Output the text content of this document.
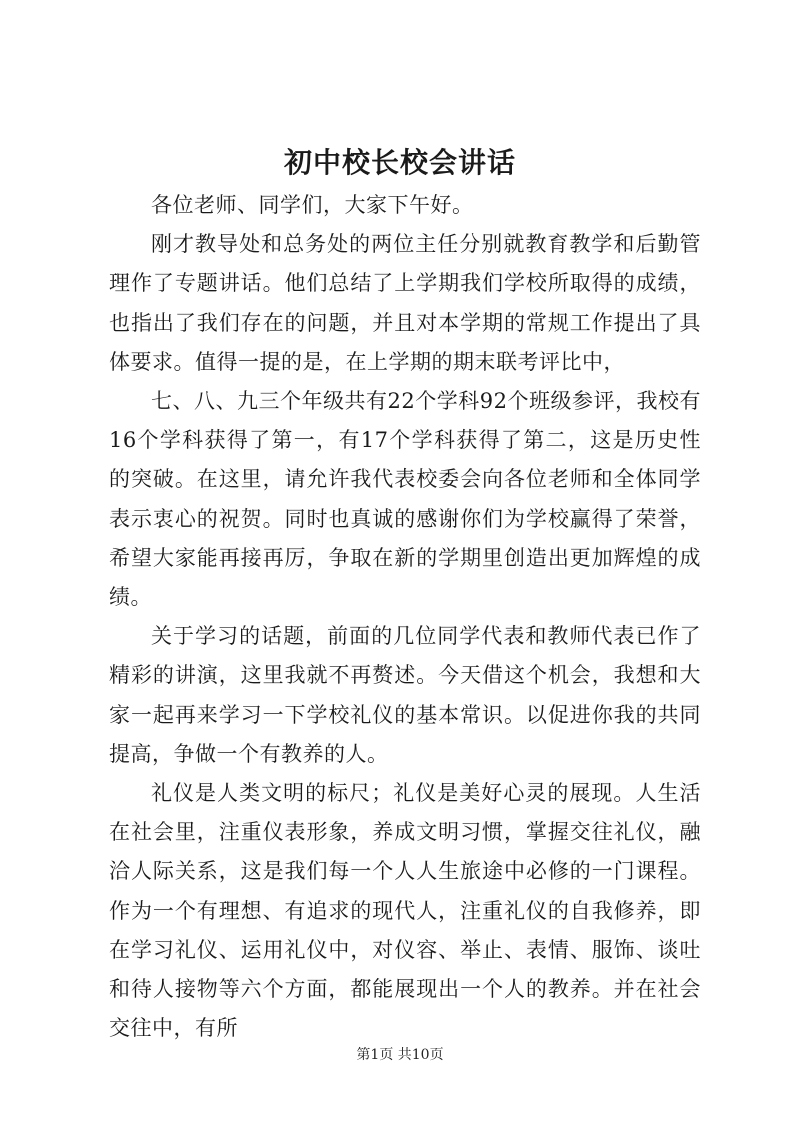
初中校长校会讲话

各位老师、同学们，大家下午好。

刚才教导处和总务处的两位主任分别就教育教学和后勤管理作了专题讲话。他们总结了上学期我们学校所取得的成绩，也指出了我们存在的问题，并且对本学期的常规工作提出了具体要求。值得一提的是，在上学期的期末联考评比中，

七、八、九三个年级共有22个学科92个班级参评，我校有16个学科获得了第一，有17个学科获得了第二，这是历史性的突破。在这里，请允许我代表校委会向各位老师和全体同学表示衷心的祝贺。同时也真诚的感谢你们为学校赢得了荣誉，希望大家能再接再厉，争取在新的学期里创造出更加辉煌的成绩。

关于学习的话题，前面的几位同学代表和教师代表已作了精彩的讲演，这里我就不再赘述。今天借这个机会，我想和大家一起再来学习一下学校礼仪的基本常识。以促进你我的共同提高，争做一个有教养的人。

礼仪是人类文明的标尺；礼仪是美好心灵的展现。人生活在社会里，注重仪表形象，养成文明习惯，掌握交往礼仪，融洽人际关系，这是我们每一个人人生旅途中必修的一门课程。作为一个有理想、有追求的现代人，注重礼仪的自我修养，即在学习礼仪、运用礼仪中，对仪容、举止、表情、服饰、谈吐和待人接物等六个方面，都能展现出一个人的教养。并在社会交往中，有所

第1页 共10页
